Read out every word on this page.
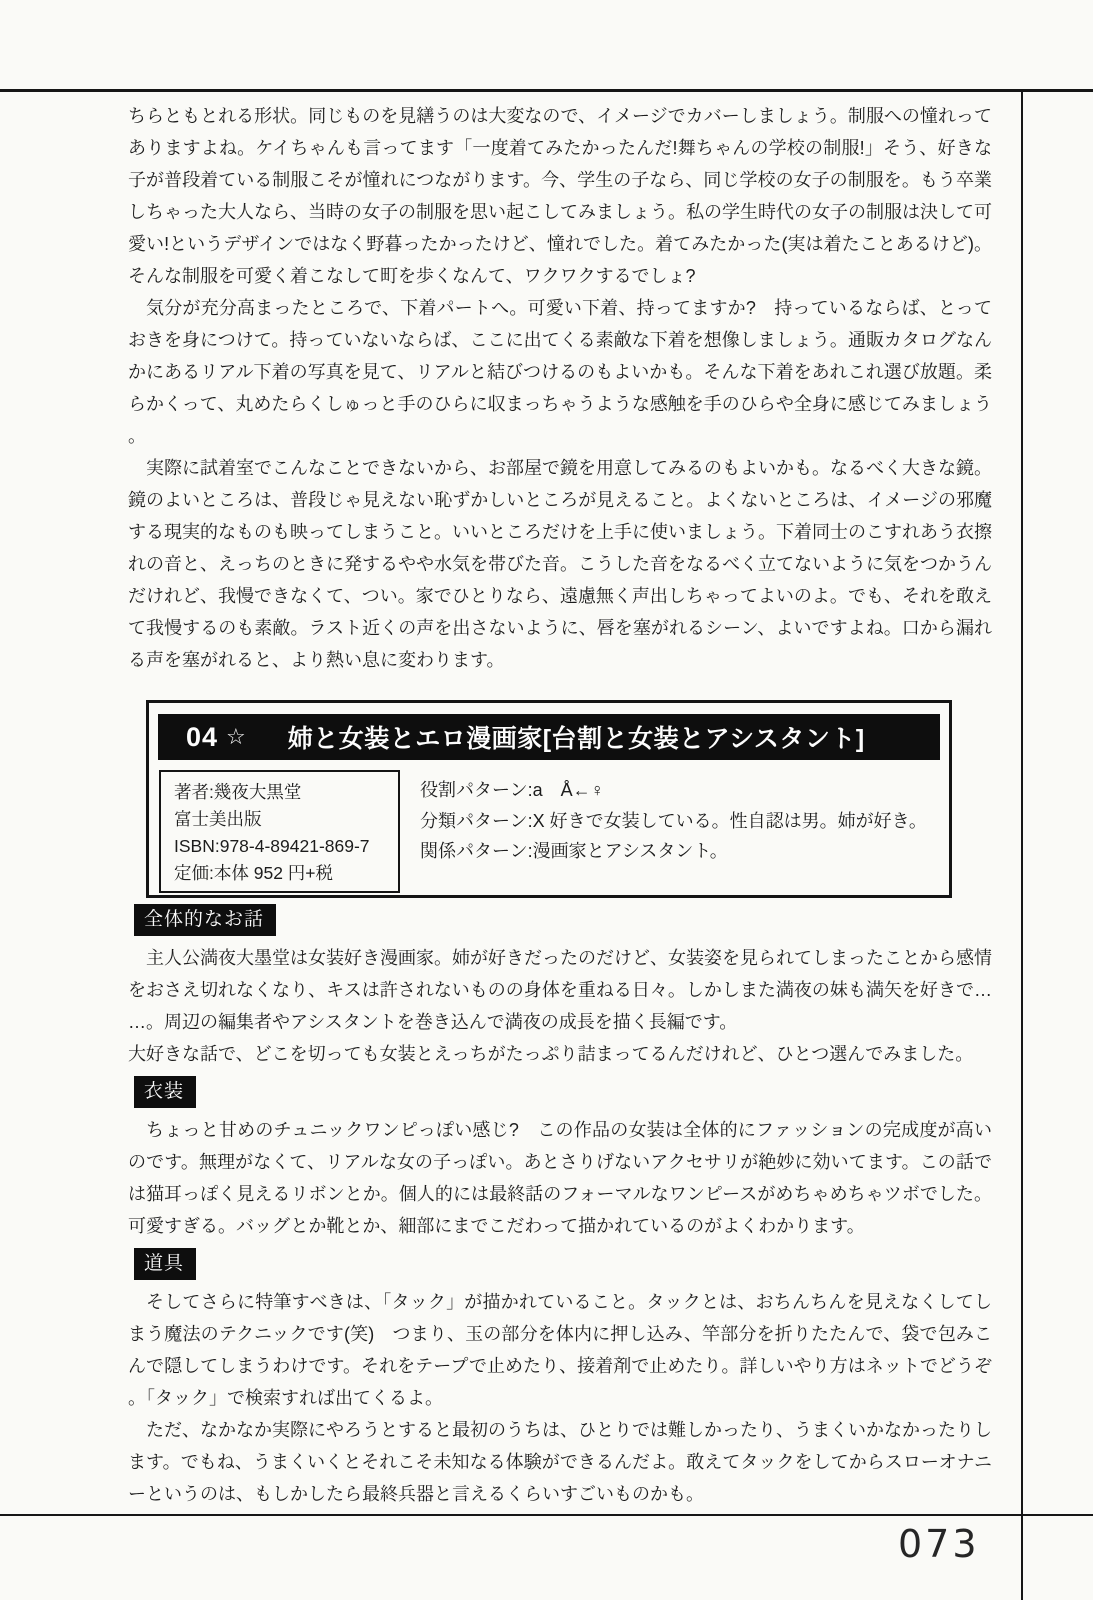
ちらともとれる形状。同じものを見繕うのは大変なので、イメージでカバーしましょう。制服への憧れってありますよね。ケイちゃんも言ってます「一度着てみたかったんだ!舞ちゃんの学校の制服!」そう、好きな子が普段着ている制服こそが憧れにつながります。今、学生の子なら、同じ学校の女子の制服を。もう卒業しちゃった大人なら、当時の女子の制服を思い起こしてみましょう。私の学生時代の女子の制服は決して可愛い!というデザインではなく野暮ったかったけど、憧れでした。着てみたかった(実は着たことあるけど)。そんな制服を可愛く着こなして町を歩くなんて、ワクワクするでしょ?

気分が充分高まったところで、下着パートへ。可愛い下着、持ってますか?　持っているならば、とっておきを身につけて。持っていないならば、ここに出てくる素敵な下着を想像しましょう。通販カタログなんかにあるリアル下着の写真を見て、リアルと結びつけるのもよいかも。そんな下着をあれこれ選び放題。柔らかくって、丸めたらくしゅっと手のひらに収まっちゃうような感触を手のひらや全身に感じてみましょう。

実際に試着室でこんなことできないから、お部屋で鏡を用意してみるのもよいかも。なるべく大きな鏡。鏡のよいところは、普段じゃ見えない恥ずかしいところが見えること。よくないところは、イメージの邪魔する現実的なものも映ってしまうこと。いいところだけを上手に使いましょう。下着同士のこすれあう衣擦れの音と、えっちのときに発するやや水気を帯びた音。こうした音をなるべく立てないように気をつかうんだけれど、我慢できなくて、つい。家でひとりなら、遠慮無く声出しちゃってよいのよ。でも、それを敢えて我慢するのも素敵。ラスト近くの声を出さないように、唇を塞がれるシーン、よいですよね。口から漏れる声を塞がれると、より熱い息に変わります。

04 ☆ 姉と女装とエロ漫画家[台割と女装とアシスタント]
著者:幾夜大黒堂
富士美出版
ISBN:978-4-89421-869-7
定価:本体 952 円+税
役割パターン:a　Å←♀
分類パターン:X 好きで女装している。性自認は男。姉が好き。
関係パターン:漫画家とアシスタント。
全体的なお話

主人公満夜大墨堂は女装好き漫画家。姉が好きだったのだけど、女装姿を見られてしまったことから感情をおさえ切れなくなり、キスは許されないものの身体を重ねる日々。しかしまた満夜の妹も満矢を好きで……。周辺の編集者やアシスタントを巻き込んで満夜の成長を描く長編です。

大好きな話で、どこを切っても女装とえっちがたっぷり詰まってるんだけれど、ひとつ選んでみました。

衣装

ちょっと甘めのチュニックワンピっぽい感じ?　この作品の女装は全体的にファッションの完成度が高いのです。無理がなくて、リアルな女の子っぽい。あとさりげないアクセサリが絶妙に効いてます。この話では猫耳っぽく見えるリボンとか。個人的には最終話のフォーマルなワンピースがめちゃめちゃツボでした。可愛すぎる。バッグとか靴とか、細部にまでこだわって描かれているのがよくわかります。

道具

そしてさらに特筆すべきは、「タック」が描かれていること。タックとは、おちんちんを見えなくしてしまう魔法のテクニックです(笑)　つまり、玉の部分を体内に押し込み、竿部分を折りたたんで、袋で包みこんで隠してしまうわけです。それをテープで止めたり、接着剤で止めたり。詳しいやり方はネットでどうぞ。「タック」で検索すれば出てくるよ。

ただ、なかなか実際にやろうとすると最初のうちは、ひとりでは難しかったり、うまくいかなかったりします。でもね、うまくいくとそれこそ未知なる体験ができるんだよ。敢えてタックをしてからスローオナニーというのは、もしかしたら最終兵器と言えるくらいすごいものかも。

073
